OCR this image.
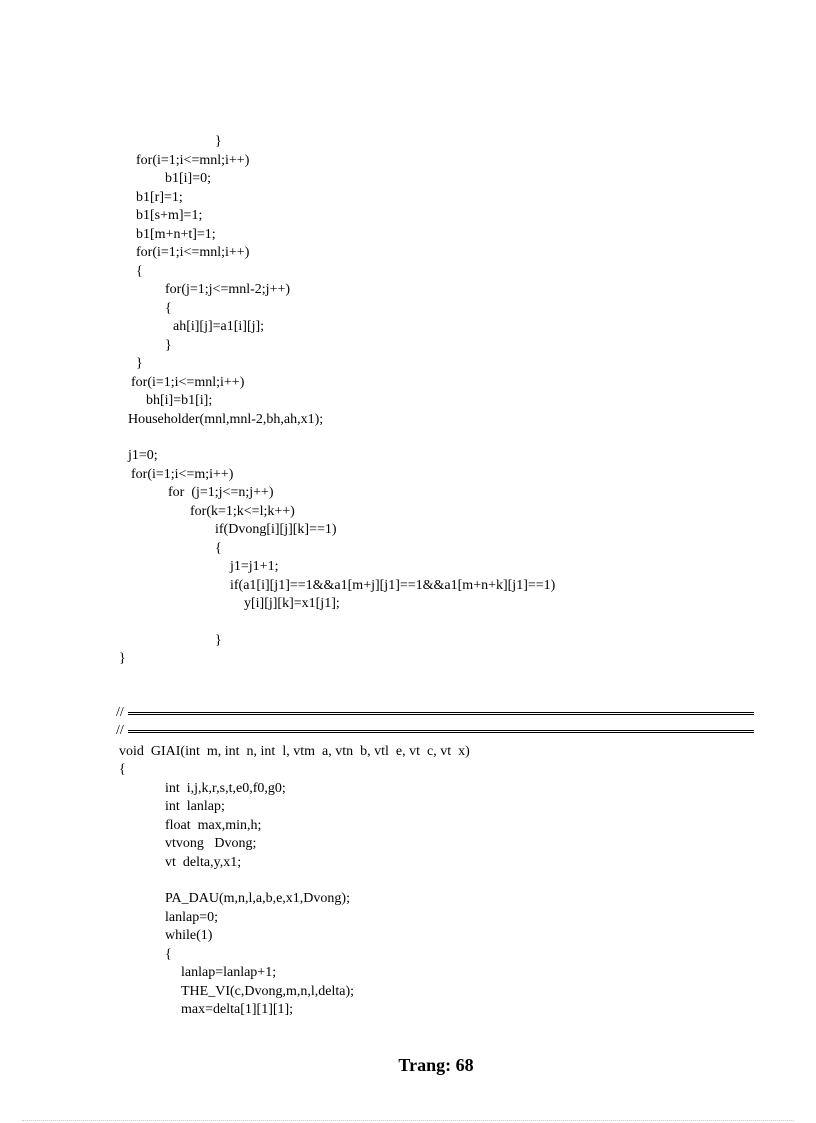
}
for(i=1;i<=mnl;i++)
b1[i]=0;
b1[r]=1;
b1[s+m]=1;
b1[m+n+t]=1;
for(i=1;i<=mnl;i++)
{
for(j=1;j<=mnl-2;j++)
{
ah[i][j]=a1[i][j];
}
}
for(i=1;i<=mnl;i++)
bh[i]=b1[i];
Householder(mnl,mnl-2,bh,ah,x1);
j1=0;
for(i=1;i<=m;i++)
for  (j=1;j<=n;j++)
for(k=1;k<=l;k++)
if(Dvong[i][j][k]==1)
{
j1=j1+1;
if(a1[i][j1]==1&&a1[m+j][j1]==1&&a1[m+n+k][j1]==1)
y[i][j][k]=x1[j1];
}
}
void  GIAI(int  m, int  n, int  l, vtm  a, vtn  b, vtl  e, vt  c, vt  x)
{
int  i,j,k,r,s,t,e0,f0,g0;
int  lanlap;
float  max,min,h;
vtvong   Dvong;
vt  delta,y,x1;
PA_DAU(m,n,l,a,b,e,x1,Dvong);
lanlap=0;
while(1)
{
lanlap=lanlap+1;
THE_VI(c,Dvong,m,n,l,delta);
max=delta[1][1][1];
//
//
Trang: 68
